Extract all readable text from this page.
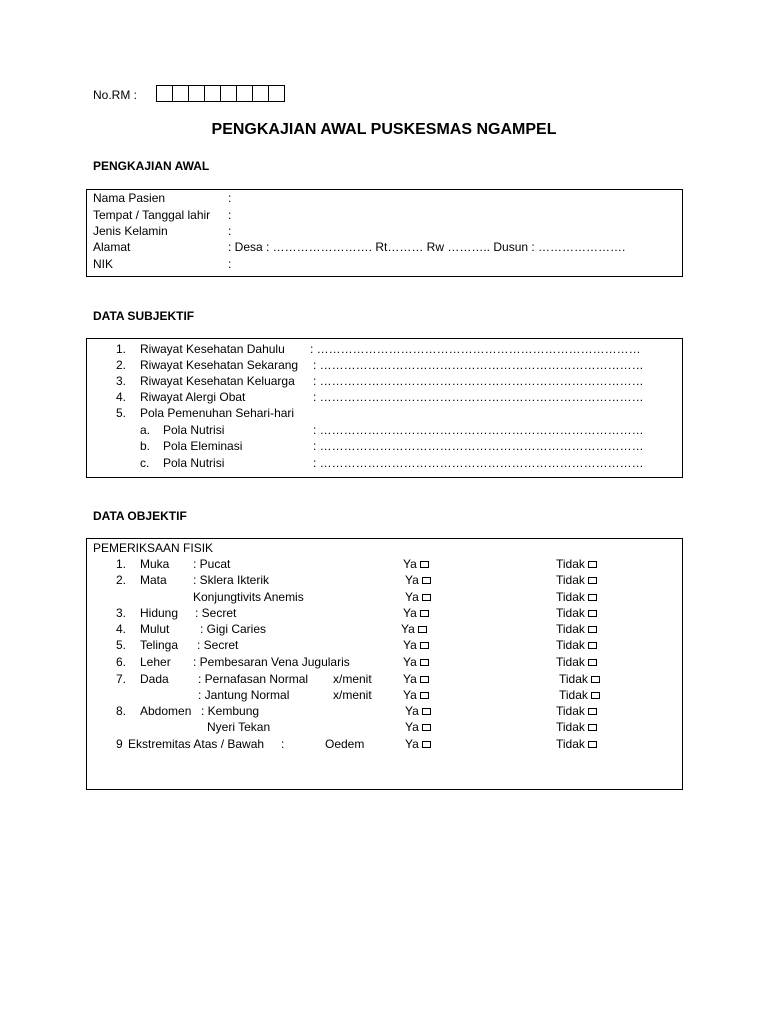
No.RM :
PENGKAJIAN AWAL PUSKESMAS NGAMPEL
PENGKAJIAN AWAL
Nama Pasien	:
Tempat / Tanggal lahir :
Jenis Kelamin	:
Alamat	: Desa : ……………………. Rt……… Rw ……….. Dusun : ………………….
NIK	:
DATA SUBJEKTIF
1. Riwayat Kesehatan Dahulu : ………………………………………………………………………
2. Riwayat Kesehatan Sekarang : ………………………………………………………………………
3. Riwayat Kesehatan Keluarga : ………………………………………………………………………
4. Riwayat Alergi Obat	: ………………………………………………………………………
5. Pola Pemenuhan Sehari-hari
a. Pola Nutrisi	: ………………………………………………………………………
b. Pola Eleminasi	: ………………………………………………………………………
c. Pola Nutrisi	: ………………………………………………………………………
DATA OBJEKTIF
PEMERIKSAAN FISIK
1. Muka : Pucat	Ya	Tidak
2. Mata : Sklera Ikterik	Ya	Tidak
Konjungtivits Anemis	Ya	Tidak
3. Hidung : Secret	Ya	Tidak
4. Mulut	: Gigi Caries	Ya	Tidak
5. Telinga : Secret	Ya	Tidak
6. Leher : Pembesaran Vena Jugularis	Ya	Tidak
7. Dada : Pernafasan Normal x/menit	Ya	Tidak
: Jantung Normal	x/menit	Ya	Tidak
8. Abdomen : Kembung	Ya	Tidak
Nyeri Tekan	Ya	Tidak
9 Ekstremitas Atas / Bawah :	Oedem	Ya	Tidak
